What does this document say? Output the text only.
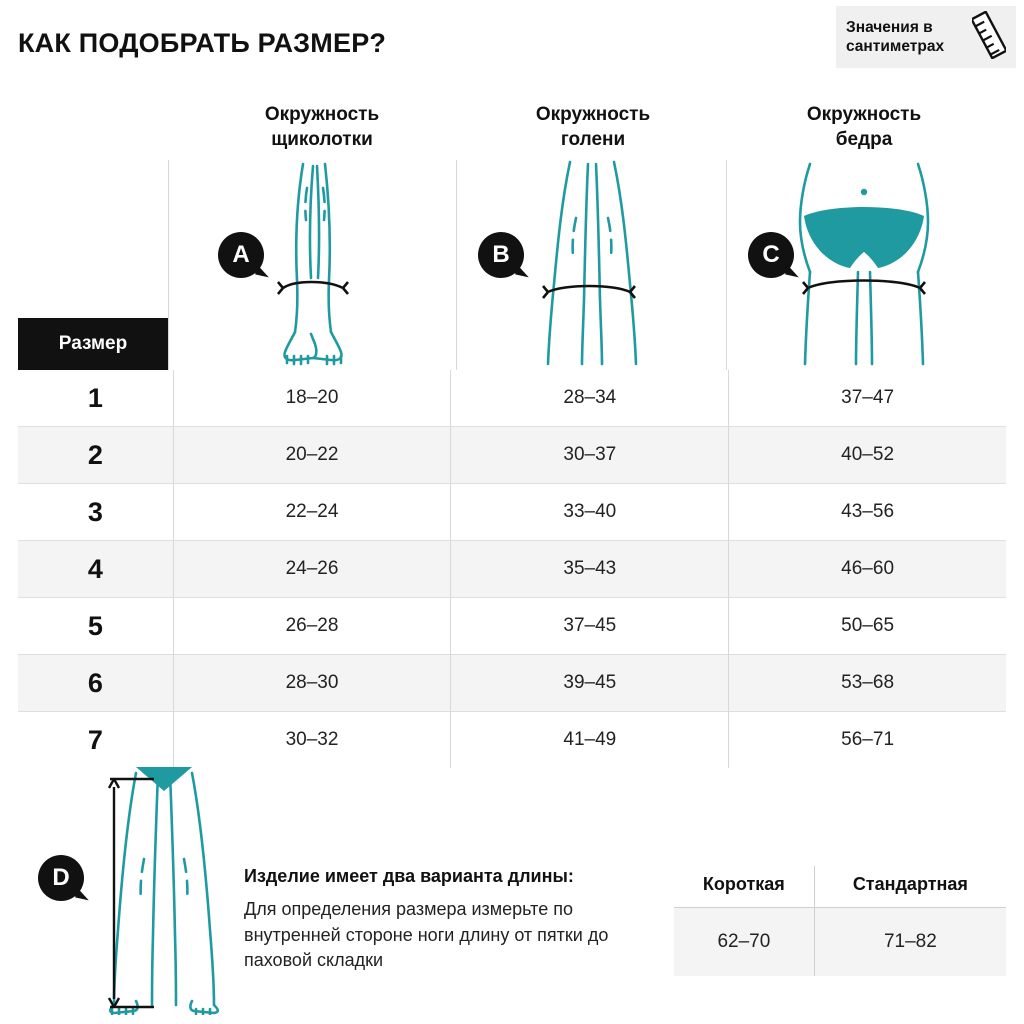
КАК ПОДОБРАТЬ РАЗМЕР?
Значения в сантиметрах
Окружность
щиколотки
Окружность
голени
Окружность
бедра
A	B	C
Размер
1	18–20	28–34	37–47
2	20–22	30–37	40–52
3	22–24	33–40	43–56
4	24–26	35–43	46–60
5	26–28	37–45	50–65
6	28–30	39–45	53–68
7	30–32	41–49	56–71
D	Изделие имеет два варианта длины:
Для определения размера измерьте по внутренней стороне ноги длину от пятки до паховой складки
Короткая	Стандартная
62–70	71–82
